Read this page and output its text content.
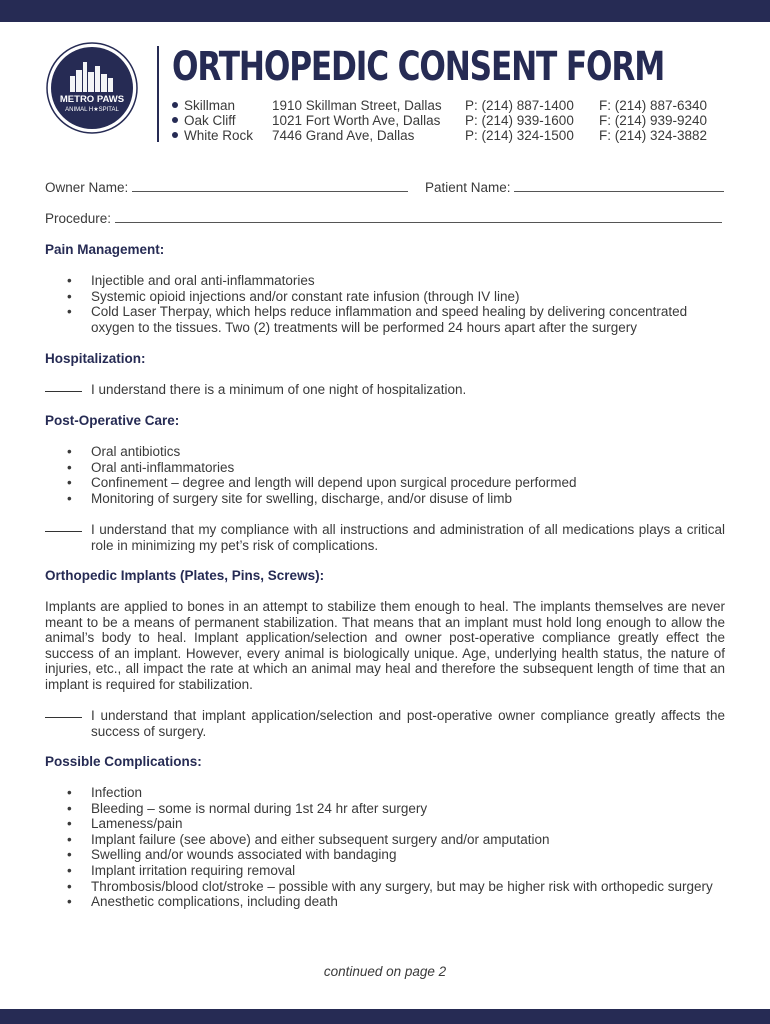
METRO PAWS
ANIMAL H★SPITAL
ORTHOPEDIC CONSENT FORM
Skillman
Oak Cliff
White Rock
1910 Skillman Street, Dallas
1021 Fort Worth Ave, Dallas
7446 Grand Ave, Dallas
P: (214) 887-1400
P: (214) 939-1600
P: (214) 324-1500
F: (214) 887-6340
F: (214) 939-9240
F: (214) 324-3882
Owner Name:	Patient Name:
Procedure:
Pain Management:
• Injectible and oral anti-inflammatories
• Systemic opioid injections and/or constant rate infusion (through IV line)
• Cold Laser Therpay, which helps reduce inflammation and speed healing by delivering concentrated oxygen to the tissues. Two (2) treatments will be performed 24 hours apart after the surgery
Hospitalization:
I understand there is a minimum of one night of hospitalization.
Post-Operative Care:
• Oral antibiotics
• Oral anti-inflammatories
• Confinement – degree and length will depend upon surgical procedure performed
• Monitoring of surgery site for swelling, discharge, and/or disuse of limb
I understand that my compliance with all instructions and administration of all medications plays a critical role in minimizing my pet’s risk of complications.
Orthopedic Implants (Plates, Pins, Screws):
Implants are applied to bones in an attempt to stabilize them enough to heal. The implants themselves are never meant to be a means of permanent stabilization. That means that an implant must hold long enough to allow the animal’s body to heal. Implant application/selection and owner post-operative compliance greatly effect the success of an implant. However, every animal is biologically unique. Age, underlying health status, the nature of injuries, etc., all impact the rate at which an animal may heal and therefore the subsequent length of time that an implant is required for stabilization.
I understand that implant application/selection and post-operative owner compliance greatly affects the success of surgery.
Possible Complications:
• Infection
• Bleeding – some is normal during 1st 24 hr after surgery
• Lameness/pain
• Implant failure (see above) and either subsequent surgery and/or amputation
• Swelling and/or wounds associated with bandaging
• Implant irritation requiring removal
• Thrombosis/blood clot/stroke – possible with any surgery, but may be higher risk with orthopedic surgery
• Anesthetic complications, including death
continued on page 2
